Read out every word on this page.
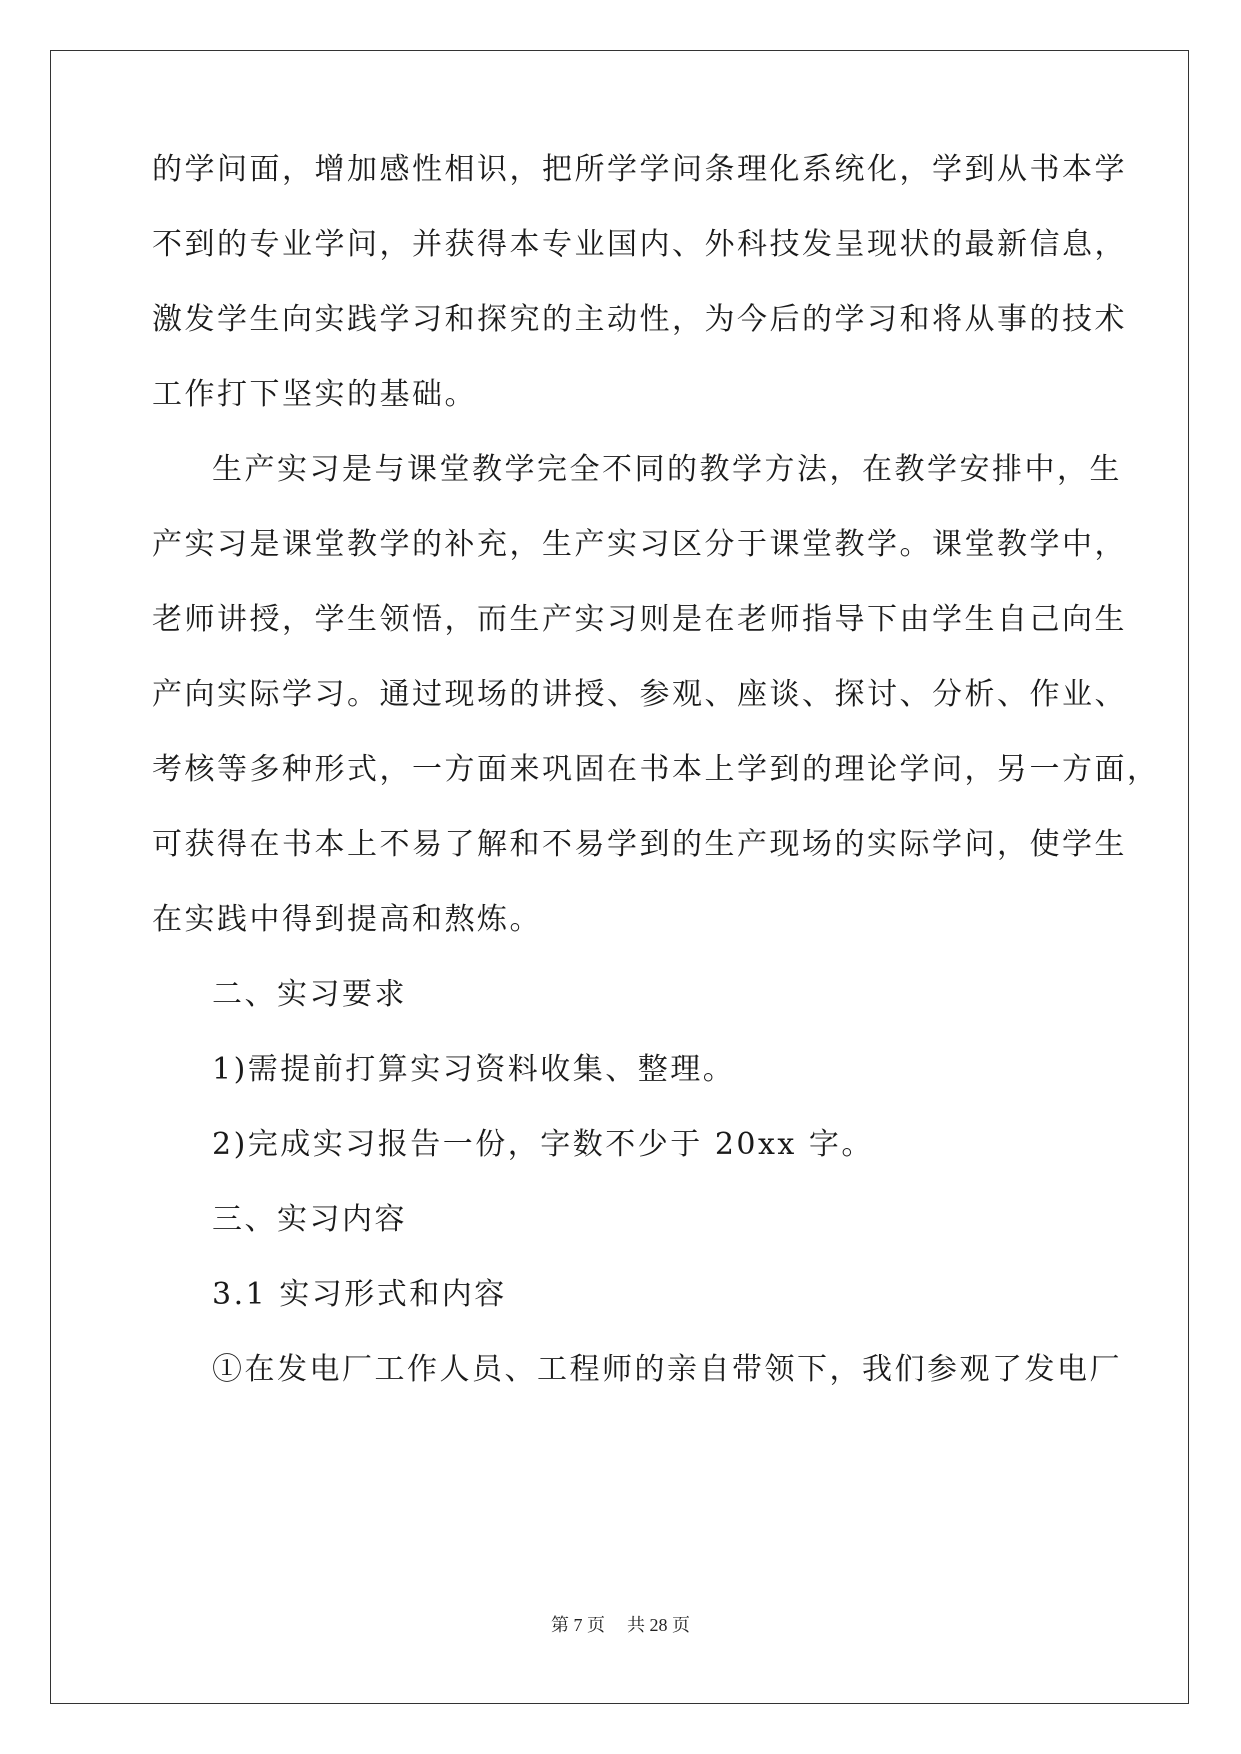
的学问面，增加感性相识，把所学学问条理化系统化，学到从书本学
不到的专业学问，并获得本专业国内、外科技发呈现状的最新信息，
激发学生向实践学习和探究的主动性，为今后的学习和将从事的技术
工作打下坚实的基础。
生产实习是与课堂教学完全不同的教学方法，在教学安排中，生
产实习是课堂教学的补充，生产实习区分于课堂教学。课堂教学中，
老师讲授，学生领悟，而生产实习则是在老师指导下由学生自己向生
产向实际学习。通过现场的讲授、参观、座谈、探讨、分析、作业、
考核等多种形式，一方面来巩固在书本上学到的理论学问，另一方面，
可获得在书本上不易了解和不易学到的生产现场的实际学问，使学生
在实践中得到提高和熬炼。
二、实习要求
1)需提前打算实习资料收集、整理。
2)完成实习报告一份，字数不少于 20xx 字。
三、实习内容
3.1 实习形式和内容
①在发电厂工作人员、工程师的亲自带领下，我们参观了发电厂
第 7 页 共 28 页
